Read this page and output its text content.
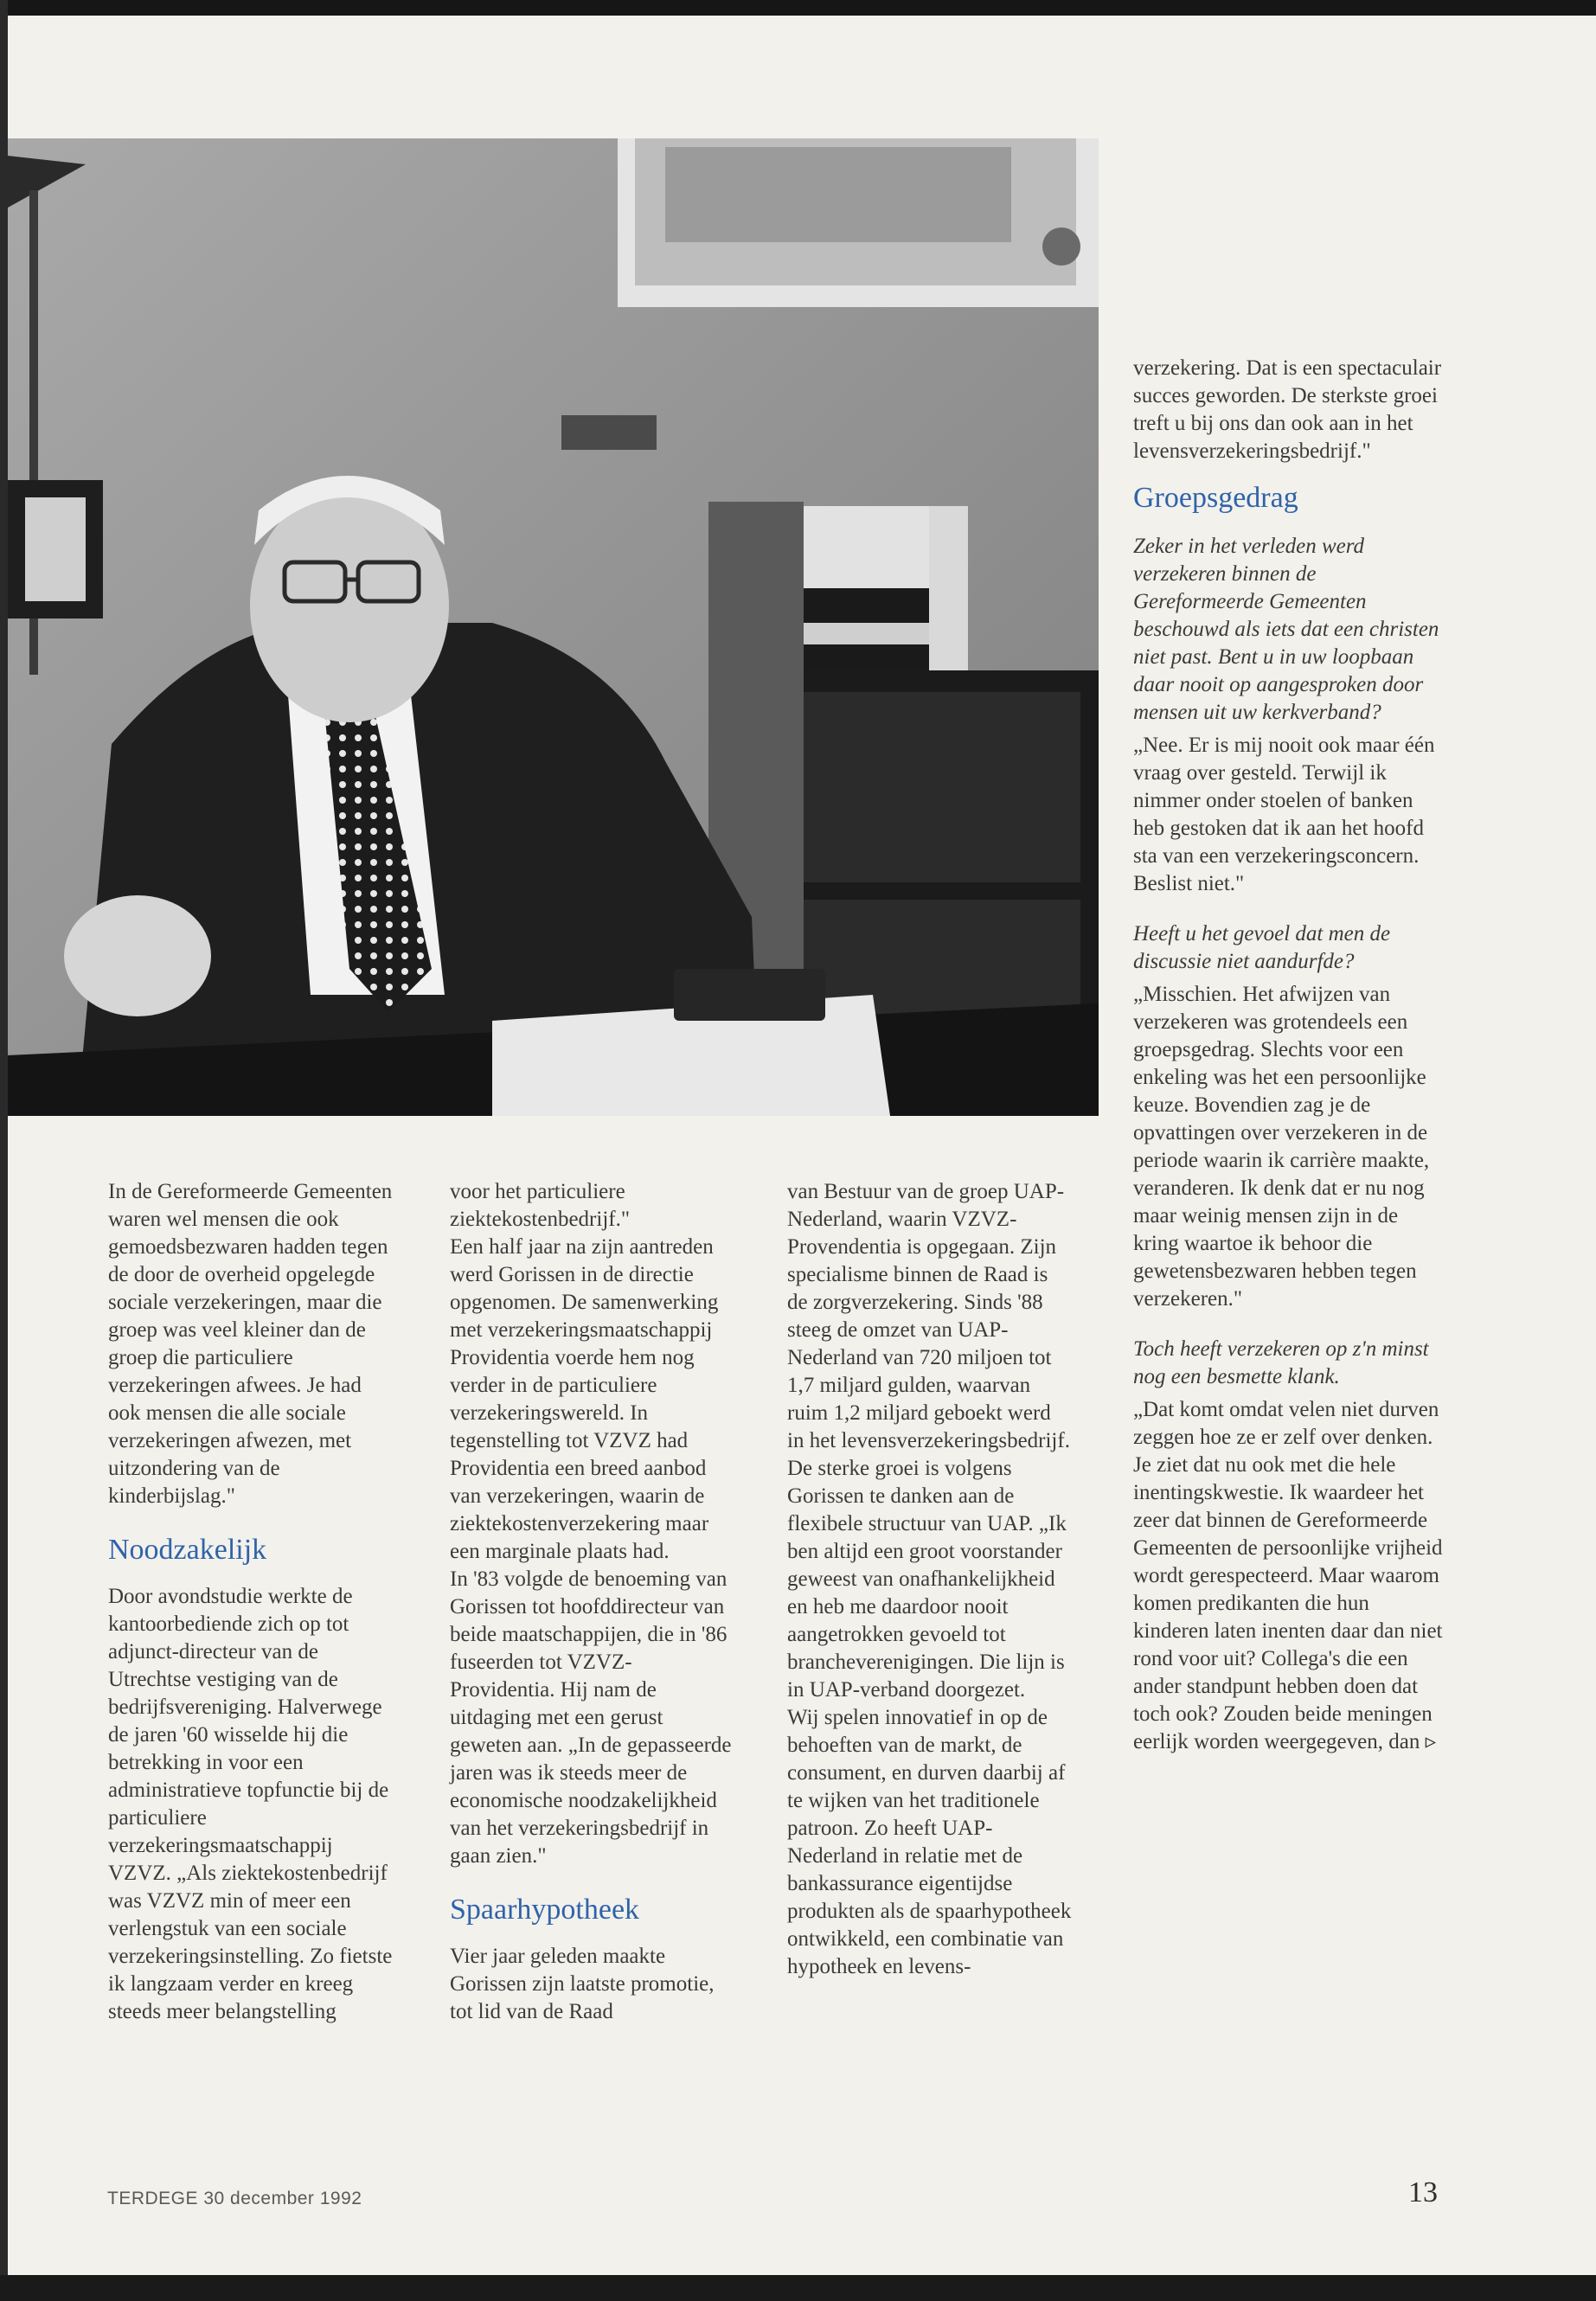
In de Gereformeerde Gemeenten waren wel mensen die ook gemoedsbezwaren hadden tegen de door de overheid opgelegde sociale verzekeringen, maar die groep was veel kleiner dan de groep die particuliere verzekeringen afwees. Je had ook mensen die alle sociale verzekeringen afwezen, met uitzondering van de kinderbijslag."

Noodzakelijk

Door avondstudie werkte de kantoorbediende zich op tot adjunct-directeur van de Utrechtse vestiging van de bedrijfsvereniging. Halverwege de jaren '60 wisselde hij die betrekking in voor een administratieve topfunctie bij de particuliere verzekeringsmaatschappij VZVZ. „Als ziektekostenbedrijf was VZVZ min of meer een verlengstuk van een sociale verzekeringsinstelling. Zo fietste ik langzaam verder en kreeg steeds meer belangstelling

voor het particuliere ziektekostenbedrijf."

Een half jaar na zijn aantreden werd Gorissen in de directie opgenomen. De samenwerking met verzekeringsmaatschappij Providentia voerde hem nog verder in de particuliere verzekeringswereld. In tegenstelling tot VZVZ had Providentia een breed aanbod van verzekeringen, waarin de ziektekostenverzekering maar een marginale plaats had.

In '83 volgde de benoeming van Gorissen tot hoofddirecteur van beide maatschappijen, die in '86 fuseerden tot VZVZ-Providentia. Hij nam de uitdaging met een gerust geweten aan. „In de gepasseerde jaren was ik steeds meer de economische noodzakelijkheid van het verzekeringsbedrijf in gaan zien."

Spaarhypotheek

Vier jaar geleden maakte Gorissen zijn laatste promotie, tot lid van de Raad

van Bestuur van de groep UAP-Nederland, waarin VZVZ-Provendentia is opgegaan. Zijn specialisme binnen de Raad is de zorgverzekering. Sinds '88 steeg de omzet van UAP-Nederland van 720 miljoen tot 1,7 miljard gulden, waarvan ruim 1,2 miljard geboekt werd in het levensverzekeringsbedrijf. De sterke groei is volgens Gorissen te danken aan de flexibele structuur van UAP. „Ik ben altijd een groot voorstander geweest van onafhankelijkheid en heb me daardoor nooit aangetrokken gevoeld tot brancheverenigingen. Die lijn is in UAP-verband doorgezet.

Wij spelen innovatief in op de behoeften van de markt, de consument, en durven daarbij af te wijken van het traditionele patroon. Zo heeft UAP-Nederland in relatie met de bankassurance eigentijdse produkten als de spaarhypotheek ontwikkeld, een combinatie van hypotheek en levens-

verzekering. Dat is een spectaculair succes geworden. De sterkste groei treft u bij ons dan ook aan in het levensverzekeringsbedrijf."

Groepsgedrag

Zeker in het verleden werd verzekeren binnen de Gereformeerde Gemeenten beschouwd als iets dat een christen niet past. Bent u in uw loopbaan daar nooit op aangesproken door mensen uit uw kerkverband?

„Nee. Er is mij nooit ook maar één vraag over gesteld. Terwijl ik nimmer onder stoelen of banken heb gestoken dat ik aan het hoofd sta van een verzekeringsconcern. Beslist niet."

Heeft u het gevoel dat men de discussie niet aandurfde?

„Misschien. Het afwijzen van verzekeren was grotendeels een groepsgedrag. Slechts voor een enkeling was het een persoonlijke keuze. Bovendien zag je de opvattingen over verzekeren in de periode waarin ik carrière maakte, veranderen. Ik denk dat er nu nog maar weinig mensen zijn in de kring waartoe ik behoor die gewetensbezwaren hebben tegen verzekeren."

Toch heeft verzekeren op z'n minst nog een besmette klank.

„Dat komt omdat velen niet durven zeggen hoe ze er zelf over denken. Je ziet dat nu ook met die hele inentingskwestie. Ik waardeer het zeer dat binnen de Gereformeerde Gemeenten de persoonlijke vrijheid wordt gerespecteerd. Maar waarom komen predikanten die hun kinderen laten inenten daar dan niet rond voor uit? Collega's die een ander standpunt hebben doen dat toch ook? Zouden beide meningen eerlijk worden weergegeven, dan ▹

TERDEGE 30 december 1992	13
